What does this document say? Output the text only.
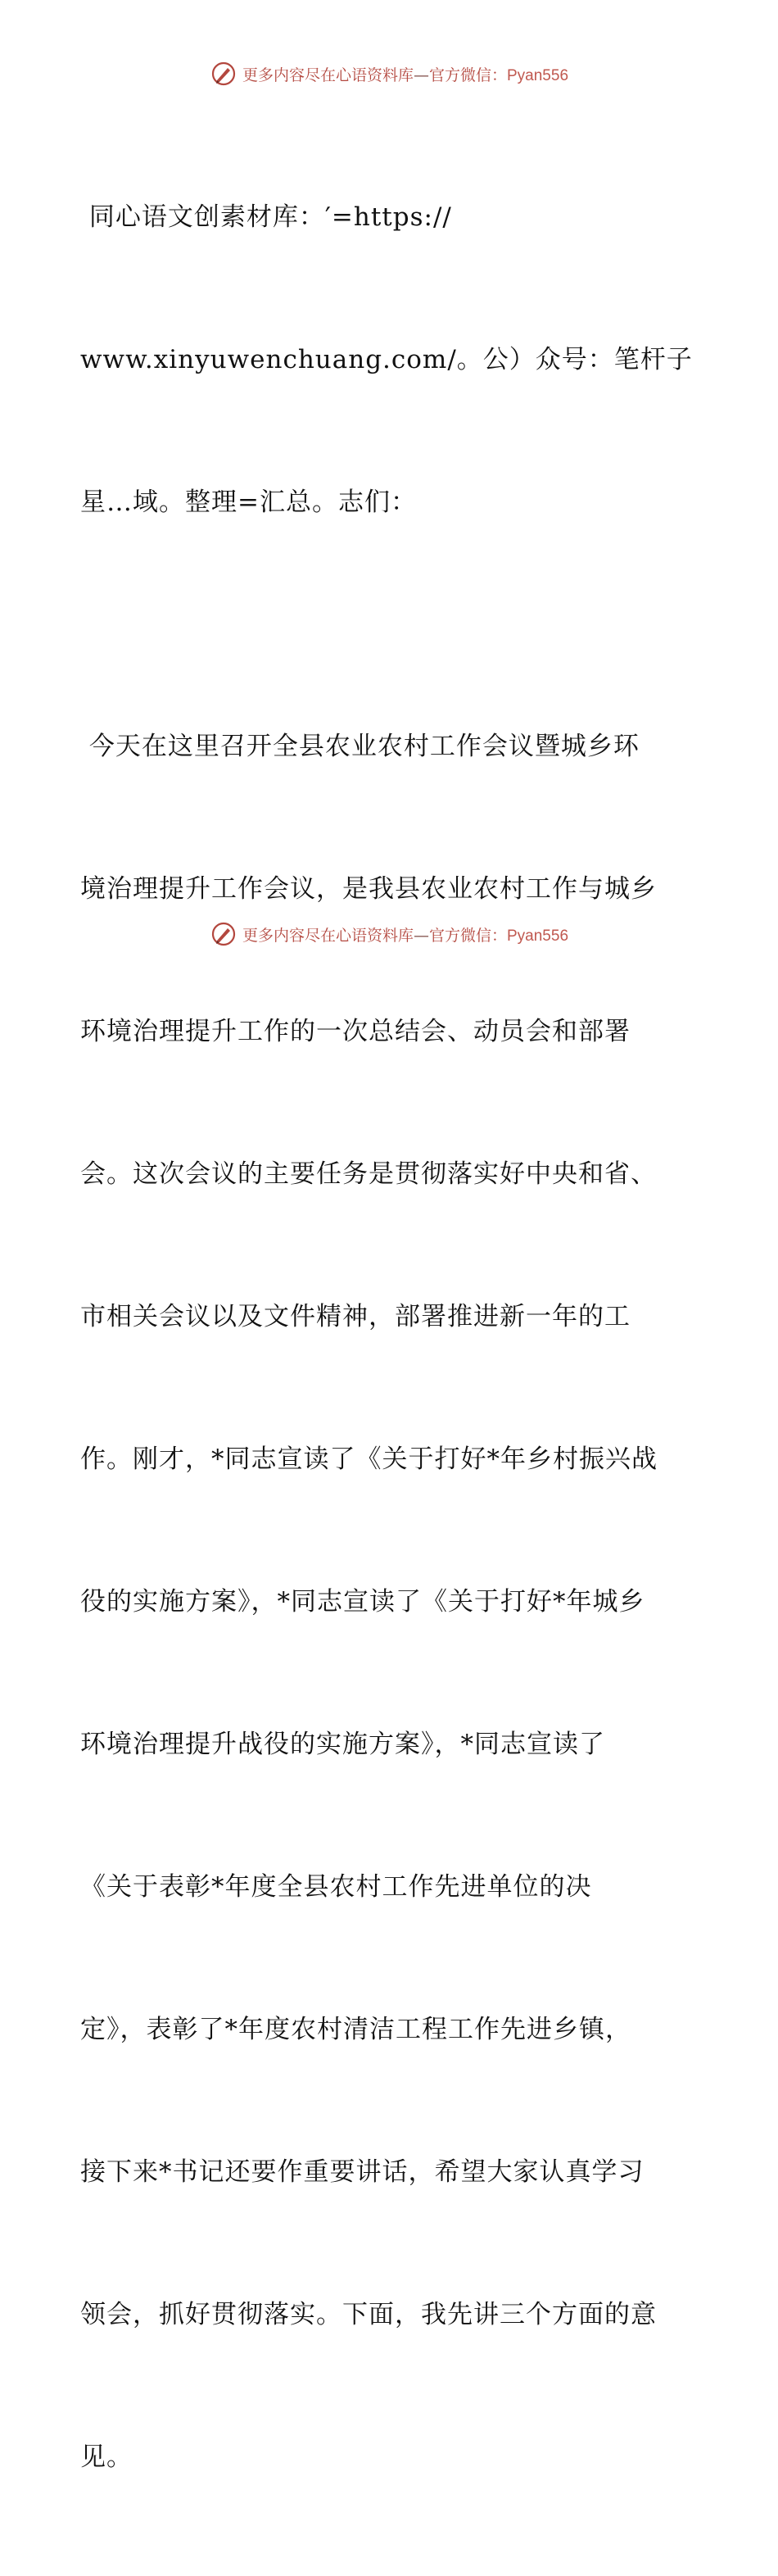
更多内容尽在心语资料库—官方微信：Pyan556

同心语文创素材库：′=https://

www.xinyuwenchuang.com/。公）众号：笔杆子

星…域。整理=汇总。志们：

今天在这里召开全县农业农村工作会议暨城乡环

境治理提升工作会议，是我县农业农村工作与城乡

环境治理提升工作的一次总结会、动员会和部署

会。这次会议的主要任务是贯彻落实好中央和省、

市相关会议以及文件精神，部署推进新一年的工

作。刚才，*同志宣读了《关于打好*年乡村振兴战

役的实施方案》，*同志宣读了《关于打好*年城乡

环境治理提升战役的实施方案》，*同志宣读了

《关于表彰*年度全县农村工作先进单位的决

定》，表彰了*年度农村清洁工程工作先进乡镇，

接下来*书记还要作重要讲话，希望大家认真学习

领会，抓好贯彻落实。下面，我先讲三个方面的意

见。

更多内容尽在心语资料库—官方微信：Pyan556
